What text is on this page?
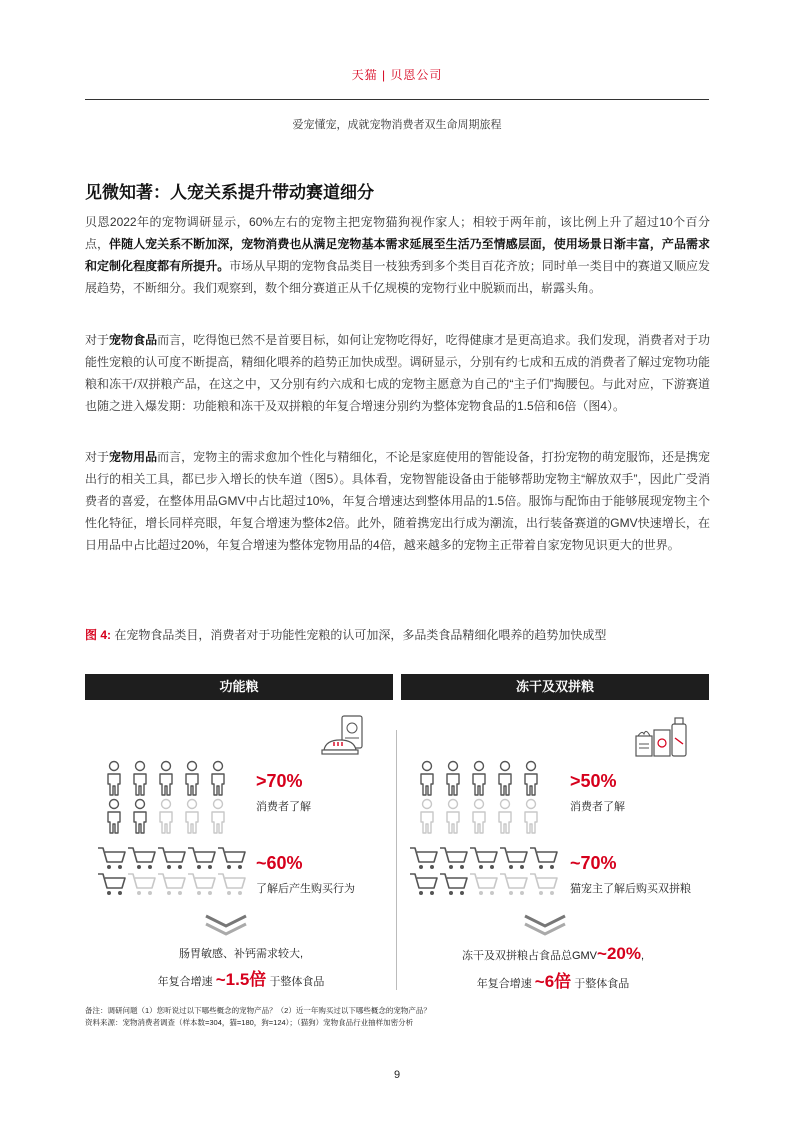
天猫 | 贝恩公司
爱宠懂宠，成就宠物消费者双生命周期旅程
见微知著：人宠关系提升带动赛道细分
贝恩2022年的宠物调研显示，60%左右的宠物主把宠物猫狗视作家人；相较于两年前，该比例上升了超过10个百分点，伴随人宠关系不断加深，宠物消费也从满足宠物基本需求延展至生活乃至情感层面，使用场景日渐丰富，产品需求和定制化程度都有所提升。市场从早期的宠物食品类目一枝独秀到多个类目百花齐放；同时单一类目中的赛道又顺应发展趋势，不断细分。我们观察到，数个细分赛道正从千亿规模的宠物行业中脱颖而出，崭露头角。
对于宠物食品而言，吃得饱已然不是首要目标，如何让宠物吃得好，吃得健康才是更高追求。我们发现，消费者对于功能性宠粮的认可度不断提高，精细化喂养的趋势正加快成型。调研显示，分别有约七成和五成的消费者了解过宠物功能粮和冻干/双拼粮产品，在这之中，又分别有约六成和七成的宠物主愿意为自己的“主子们”掏腰包。与此对应，下游赛道也随之进入爆发期：功能粮和冻干及双拼粮的年复合增速分别约为整体宠物食品的1.5倍和6倍（图4）。
对于宠物用品而言，宠物主的需求愈加个性化与精细化，不论是家庭使用的智能设备，打扮宠物的萌宠服饰，还是携宠出行的相关工具，都已步入增长的快车道（图5）。具体看，宠物智能设备由于能够帮助宠物主“解放双手”，因此广受消费者的喜爱，在整体用品GMV中占比超过10%，年复合增速达到整体用品的1.5倍。服饰与配饰由于能够展现宠物主个性化特征，增长同样亮眼，年复合增速为整体2倍。此外，随着携宠出行成为潮流，出行装备赛道的GMV快速增长，在日用品中占比超过20%，年复合增速为整体宠物用品的4倍，越来越多的宠物主正带着自家宠物见识更大的世界。
图 4: 在宠物食品类目，消费者对于功能性宠粮的认可加深，多品类食品精细化喂养的趋势加快成型
功能粮	冻干及双拼粮
>70%
消费者了解
>50%
消费者了解
~60%
了解后产生购买行为
~70%
猫宠主了解后购买双拼粮
肠胃敏感、补钙需求较大,
年复合增速 ~1.5倍 于整体食品
冻干及双拼粮占食品总GMV~20%,
年复合增速 ~6倍 于整体食品
备注：调研问题（1）您听说过以下哪些概念的宠物产品？（2）近一年购买过以下哪些概念的宠物产品？
资料来源：宠物消费者调查（样本数=304，猫=180，狗=124）；（猫狗）宠物食品行业抽样加密分析
9
